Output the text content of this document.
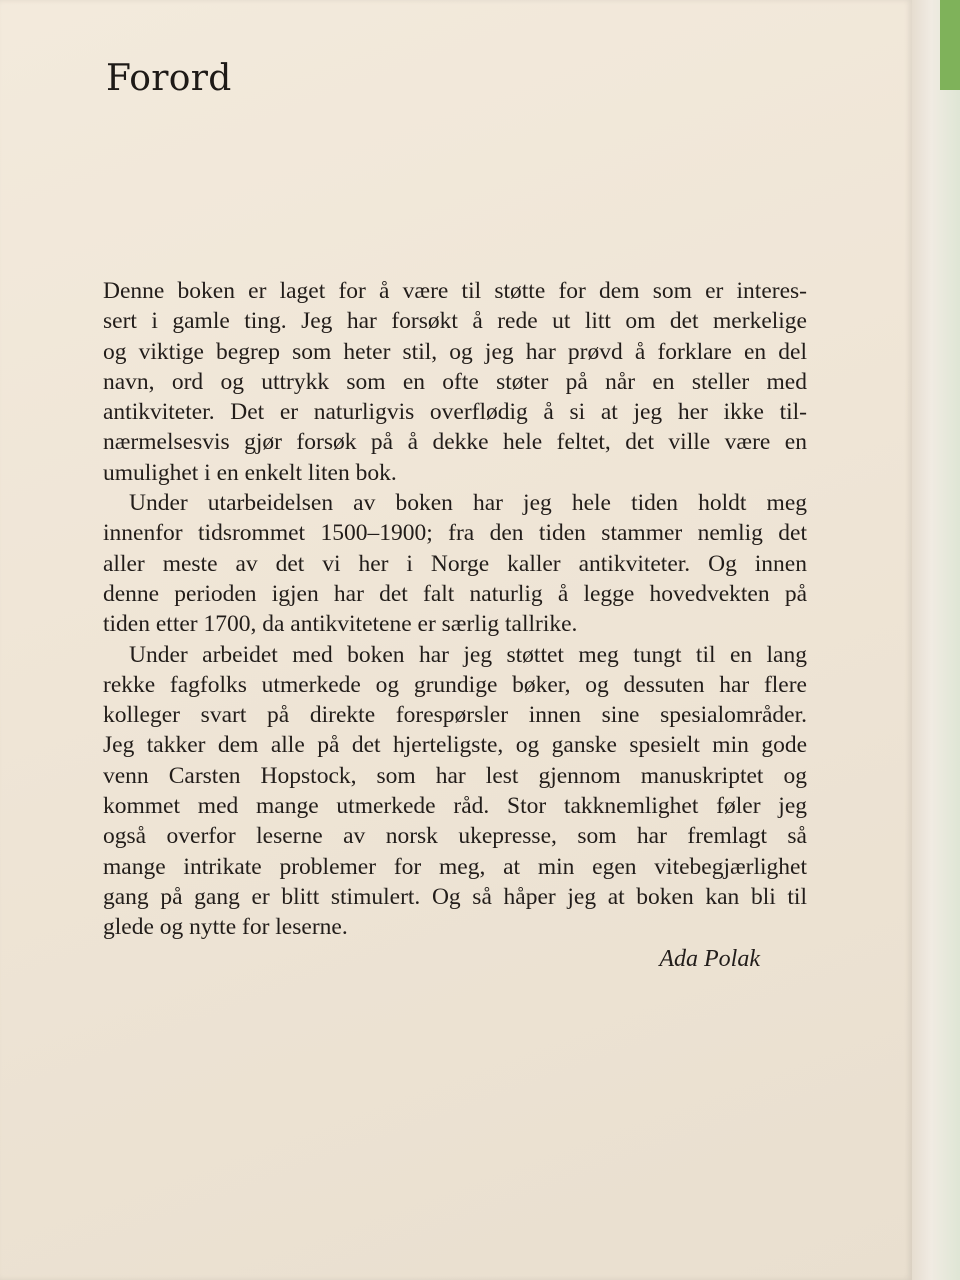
Forord
Denne boken er laget for å være til støtte for dem som er interes-
sert i gamle ting. Jeg har forsøkt å rede ut litt om det merkelige
og viktige begrep som heter stil, og jeg har prøvd å forklare en del
navn, ord og uttrykk som en ofte støter på når en steller med
antikviteter. Det er naturligvis overflødig å si at jeg her ikke til-
nærmelsesvis gjør forsøk på å dekke hele feltet, det ville være en
umulighet i en enkelt liten bok.
Under utarbeidelsen av boken har jeg hele tiden holdt meg
innenfor tidsrommet 1500–1900; fra den tiden stammer nemlig det
aller meste av det vi her i Norge kaller antikviteter. Og innen
denne perioden igjen har det falt naturlig å legge hovedvekten på
tiden etter 1700, da antikvitetene er særlig tallrike.
Under arbeidet med boken har jeg støttet meg tungt til en lang
rekke fagfolks utmerkede og grundige bøker, og dessuten har flere
kolleger svart på direkte forespørsler innen sine spesialområder.
Jeg takker dem alle på det hjerteligste, og ganske spesielt min gode
venn Carsten Hopstock, som har lest gjennom manuskriptet og
kommet med mange utmerkede råd. Stor takknemlighet føler jeg
også overfor leserne av norsk ukepresse, som har fremlagt så
mange intrikate problemer for meg, at min egen vitebegjærlighet
gang på gang er blitt stimulert. Og så håper jeg at boken kan bli til
glede og nytte for leserne.
Ada Polak
